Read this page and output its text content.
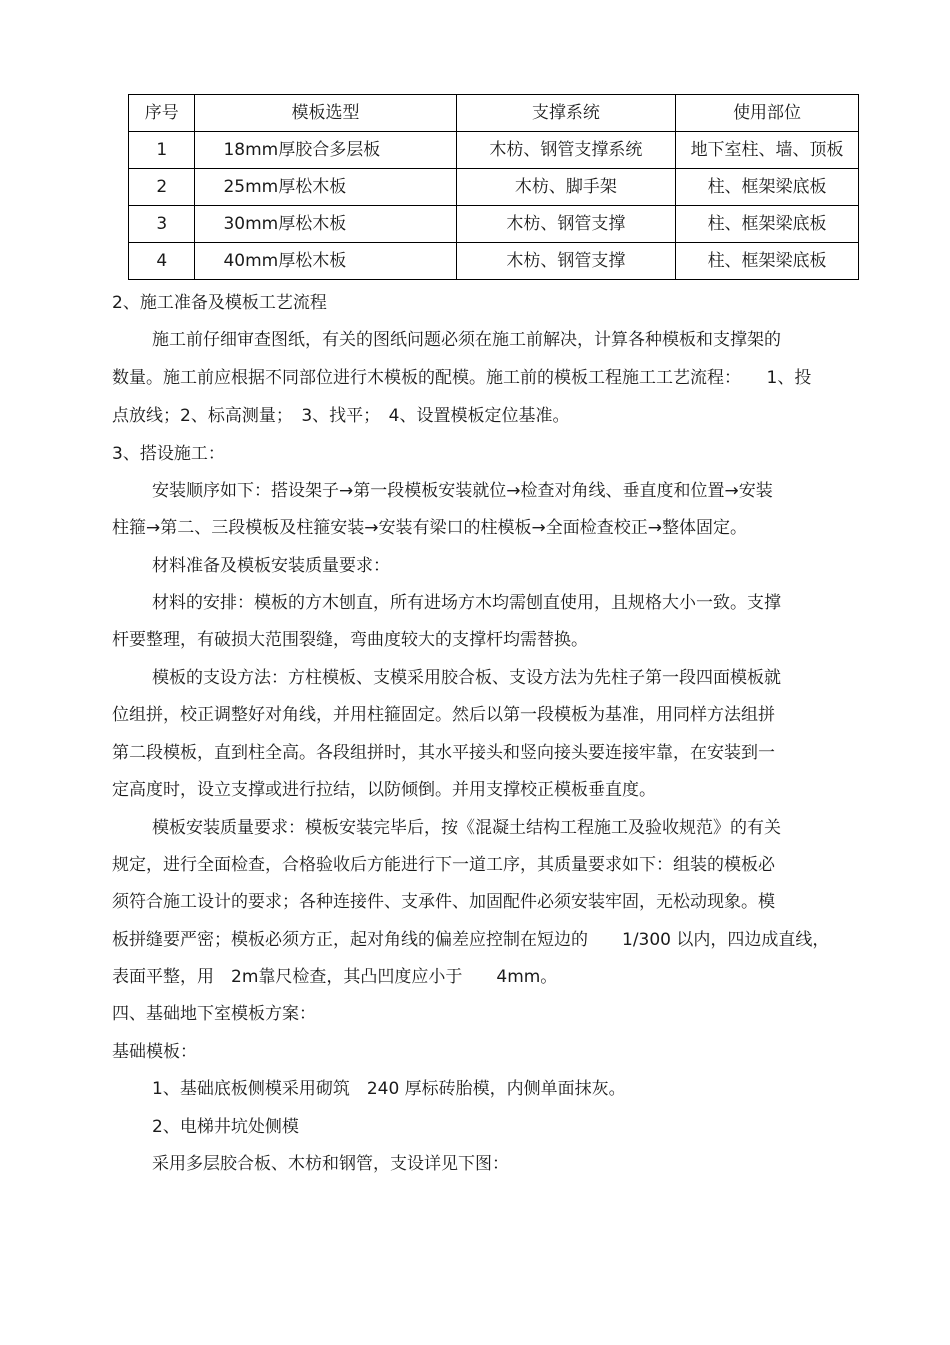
序号	模板选型	支撑系统	使用部位
1	18mm厚胶合多层板	木枋、钢管支撑系统	地下室柱、墙、顶板
2	25mm厚松木板	木枋、脚手架	柱、框架梁底板
3	30mm厚松木板	木枋、钢管支撑	柱、框架梁底板
4	40mm厚松木板	木枋、钢管支撑	柱、框架梁底板
2、施工准备及模板工艺流程
施工前仔细审查图纸，有关的图纸问题必须在施工前解决，计算各种模板和支撑架的
数量。施工前应根据不同部位进行木模板的配模。施工前的模板工程施工工艺流程：　　1、投
点放线；2、标高测量；　3、找平；　4、设置模板定位基准。
3、搭设施工：
安装顺序如下：搭设架子→第一段模板安装就位→检查对角线、垂直度和位置→安装
柱箍→第二、三段模板及柱箍安装→安装有梁口的柱模板→全面检查校正→整体固定。
材料准备及模板安装质量要求：
材料的安排：模板的方木刨直，所有进场方木均需刨直使用，且规格大小一致。支撑
杆要整理，有破损大范围裂缝，弯曲度较大的支撑杆均需替换。
模板的支设方法：方柱模板、支模采用胶合板、支设方法为先柱子第一段四面模板就
位组拼，校正调整好对角线，并用柱箍固定。然后以第一段模板为基准，用同样方法组拼
第二段模板，直到柱全高。各段组拼时，其水平接头和竖向接头要连接牢靠，在安装到一
定高度时，设立支撑或进行拉结，以防倾倒。并用支撑校正模板垂直度。
模板安装质量要求：模板安装完毕后，按《混凝土结构工程施工及验收规范》的有关
规定，进行全面检查，合格验收后方能进行下一道工序，其质量要求如下：组装的模板必
须符合施工设计的要求；各种连接件、支承件、加固配件必须安装牢固，无松动现象。模
板拼缝要严密；模板必须方正，起对角线的偏差应控制在短边的　　1/300 以内，四边成直线，
表面平整，用　2m靠尺检查，其凸凹度应小于　　4mm。
四、基础地下室模板方案：
基础模板：
1、基础底板侧模采用砌筑　240 厚标砖胎模，内侧单面抹灰。
2、电梯井坑处侧模
采用多层胶合板、木枋和钢管，支设详见下图：
